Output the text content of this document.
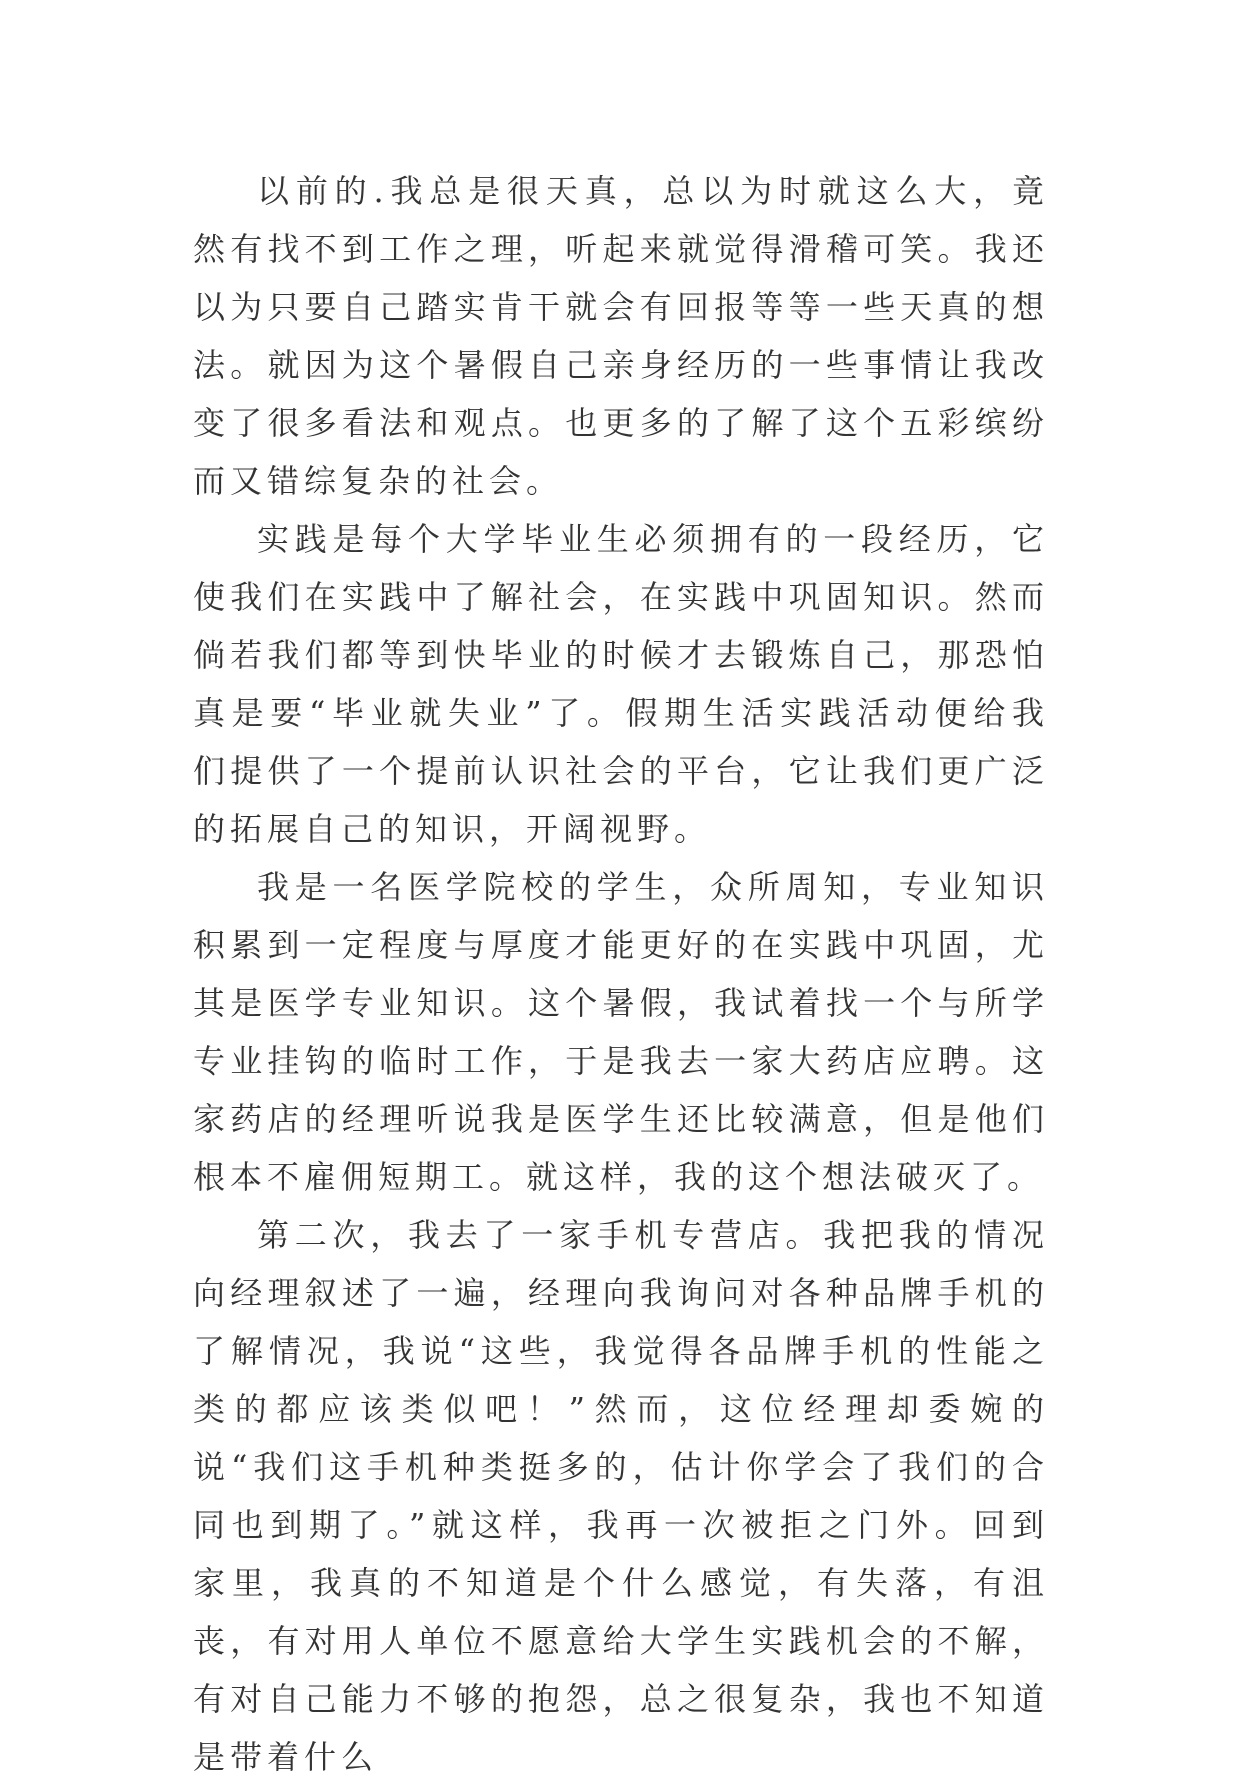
以前的.我总是很天真，总以为时就这么大，竟然有找不到工作之理，听起来就觉得滑稽可笑。我还以为只要自己踏实肯干就会有回报等等一些天真的想法。就因为这个暑假自己亲身经历的一些事情让我改变了很多看法和观点。也更多的了解了这个五彩缤纷而又错综复杂的社会。

实践是每个大学毕业生必须拥有的一段经历，它使我们在实践中了解社会，在实践中巩固知识。然而倘若我们都等到快毕业的时候才去锻炼自己，那恐怕真是要“毕业就失业”了。假期生活实践活动便给我们提供了一个提前认识社会的平台，它让我们更广泛的拓展自己的知识，开阔视野。

我是一名医学院校的学生，众所周知，专业知识积累到一定程度与厚度才能更好的在实践中巩固，尤其是医学专业知识。这个暑假，我试着找一个与所学专业挂钩的临时工作，于是我去一家大药店应聘。这家药店的经理听说我是医学生还比较满意，但是他们根本不雇佣短期工。就这样，我的这个想法破灭了。

第二次，我去了一家手机专营店。我把我的情况向经理叙述了一遍，经理向我询问对各种品牌手机的了解情况，我说“这些，我觉得各品牌手机的性能之类的都应该类似吧！”然而，这位经理却委婉的说“我们这手机种类挺多的，估计你学会了我们的合同也到期了。”就这样，我再一次被拒之门外。回到家里，我真的不知道是个什么感觉，有失落，有沮丧，有对用人单位不愿意给大学生实践机会的不解，有对自己能力不够的抱怨，总之很复杂，我也不知道是带着什么
